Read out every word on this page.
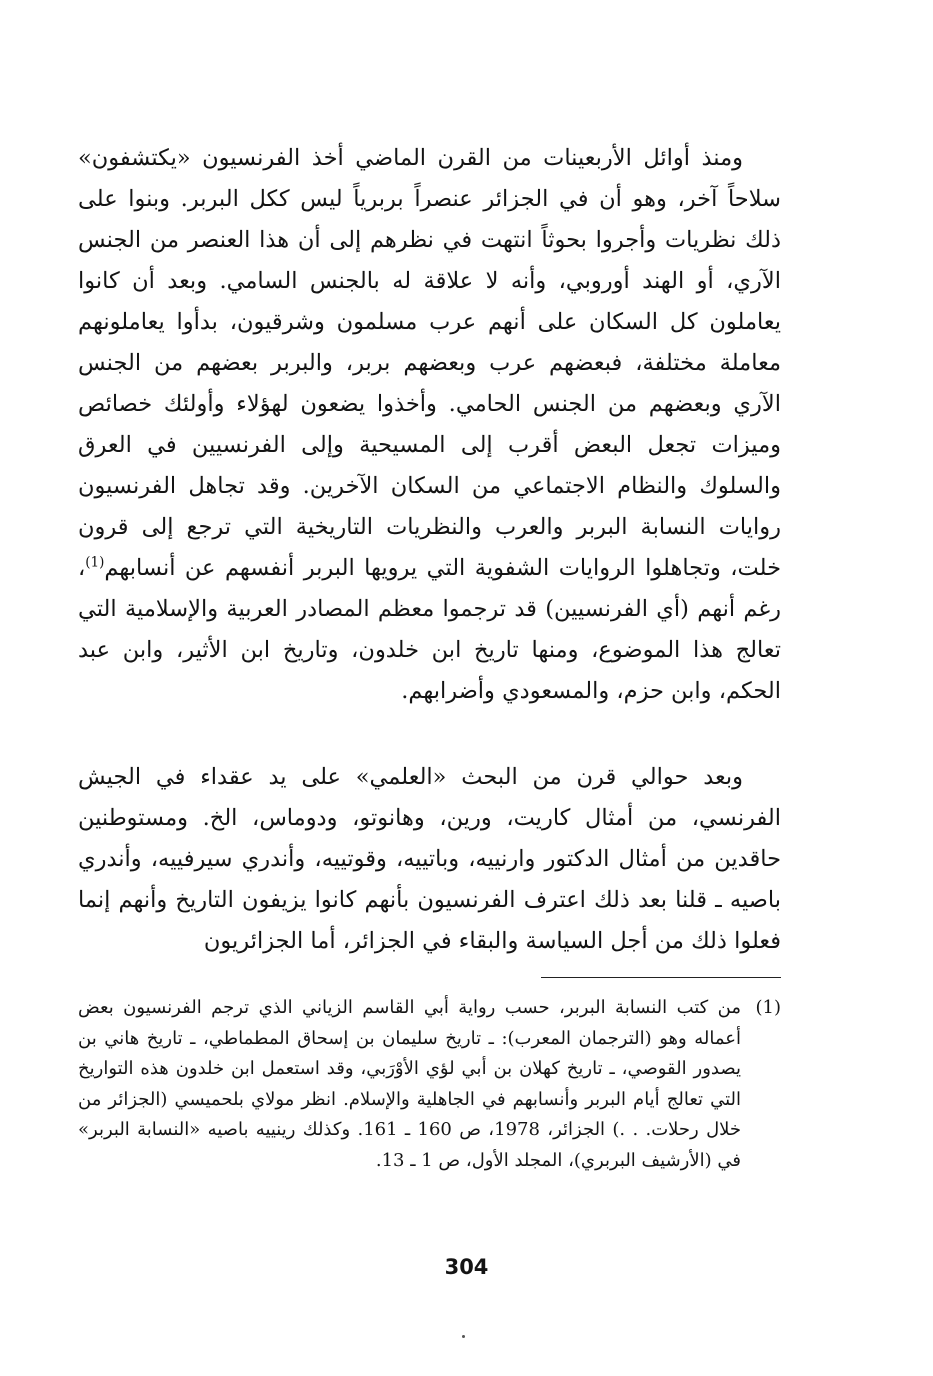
ومنذ أوائل الأربعينات من القرن الماضي أخذ الفرنسيون «يكتشفون» سلاحاً آخر، وهو أن في الجزائر عنصراً بربرياً ليس ككل البربر. وبنوا على ذلك نظريات وأجروا بحوثاً انتهت في نظرهم إلى أن هذا العنصر من الجنس الآري، أو الهند أوروبي، وأنه لا علاقة له بالجنس السامي. وبعد أن كانوا يعاملون كل السكان على أنهم عرب مسلمون وشرقيون، بدأوا يعاملونهم معاملة مختلفة، فبعضهم عرب وبعضهم بربر، والبربر بعضهم من الجنس الآري وبعضهم من الجنس الحامي. وأخذوا يضعون لهؤلاء وأولئك خصائص وميزات تجعل البعض أقرب إلى المسيحية وإلى الفرنسيين في العرق والسلوك والنظام الاجتماعي من السكان الآخرين. وقد تجاهل الفرنسيون روايات النسابة البربر والعرب والنظريات التاريخية التي ترجع إلى قرون خلت، وتجاهلوا الروايات الشفوية التي يرويها البربر أنفسهم عن أنسابهم$^{(1)}$، رغم أنهم (أي الفرنسيين) قد ترجموا معظم المصادر العربية والإسلامية التي تعالج هذا الموضوع، ومنها تاريخ ابن خلدون، وتاريخ ابن الأثير، وابن عبد الحكم، وابن حزم، والمسعودي وأضرابهم.

وبعد حوالي قرن من البحث «العلمي» على يد عقداء في الجيش الفرنسي، من أمثال كاريت، ورين، وهانوتو، ودوماس، الخ. ومستوطنين حاقدين من أمثال الدكتور وارنييه، وباتييه، وقوتييه، وأندري سيرفييه، وأندري باصيه ـ قلنا بعد ذلك اعترف الفرنسيون بأنهم كانوا يزيفون التاريخ وأنهم إنما فعلوا ذلك من أجل السياسة والبقاء في الجزائر، أما الجزائريون

(1)

من كتب النسابة البربر، حسب رواية أبي القاسم الزياني الذي ترجم الفرنسيون بعض أعماله وهو (الترجمان المعرب): ـ تاريخ سليمان بن إسحاق المطماطي، ـ تاريخ هاني بن يصدور القوصي، ـ تاريخ كهلان بن أبي لؤي الأوْرَبي، وقد استعمل ابن خلدون هذه التواريخ التي تعالج أيام البربر وأنسابهم في الجاهلية والإسلام. انظر مولاي بلحميسي (الجزائر من خلال رحلات. . .) الجزائر، 1978، ص 160 ـ 161. وكذلك رينييه باصيه «النسابة البربر» في (الأرشيف البربري)، المجلد الأول، ص 1 ـ 13.

304
